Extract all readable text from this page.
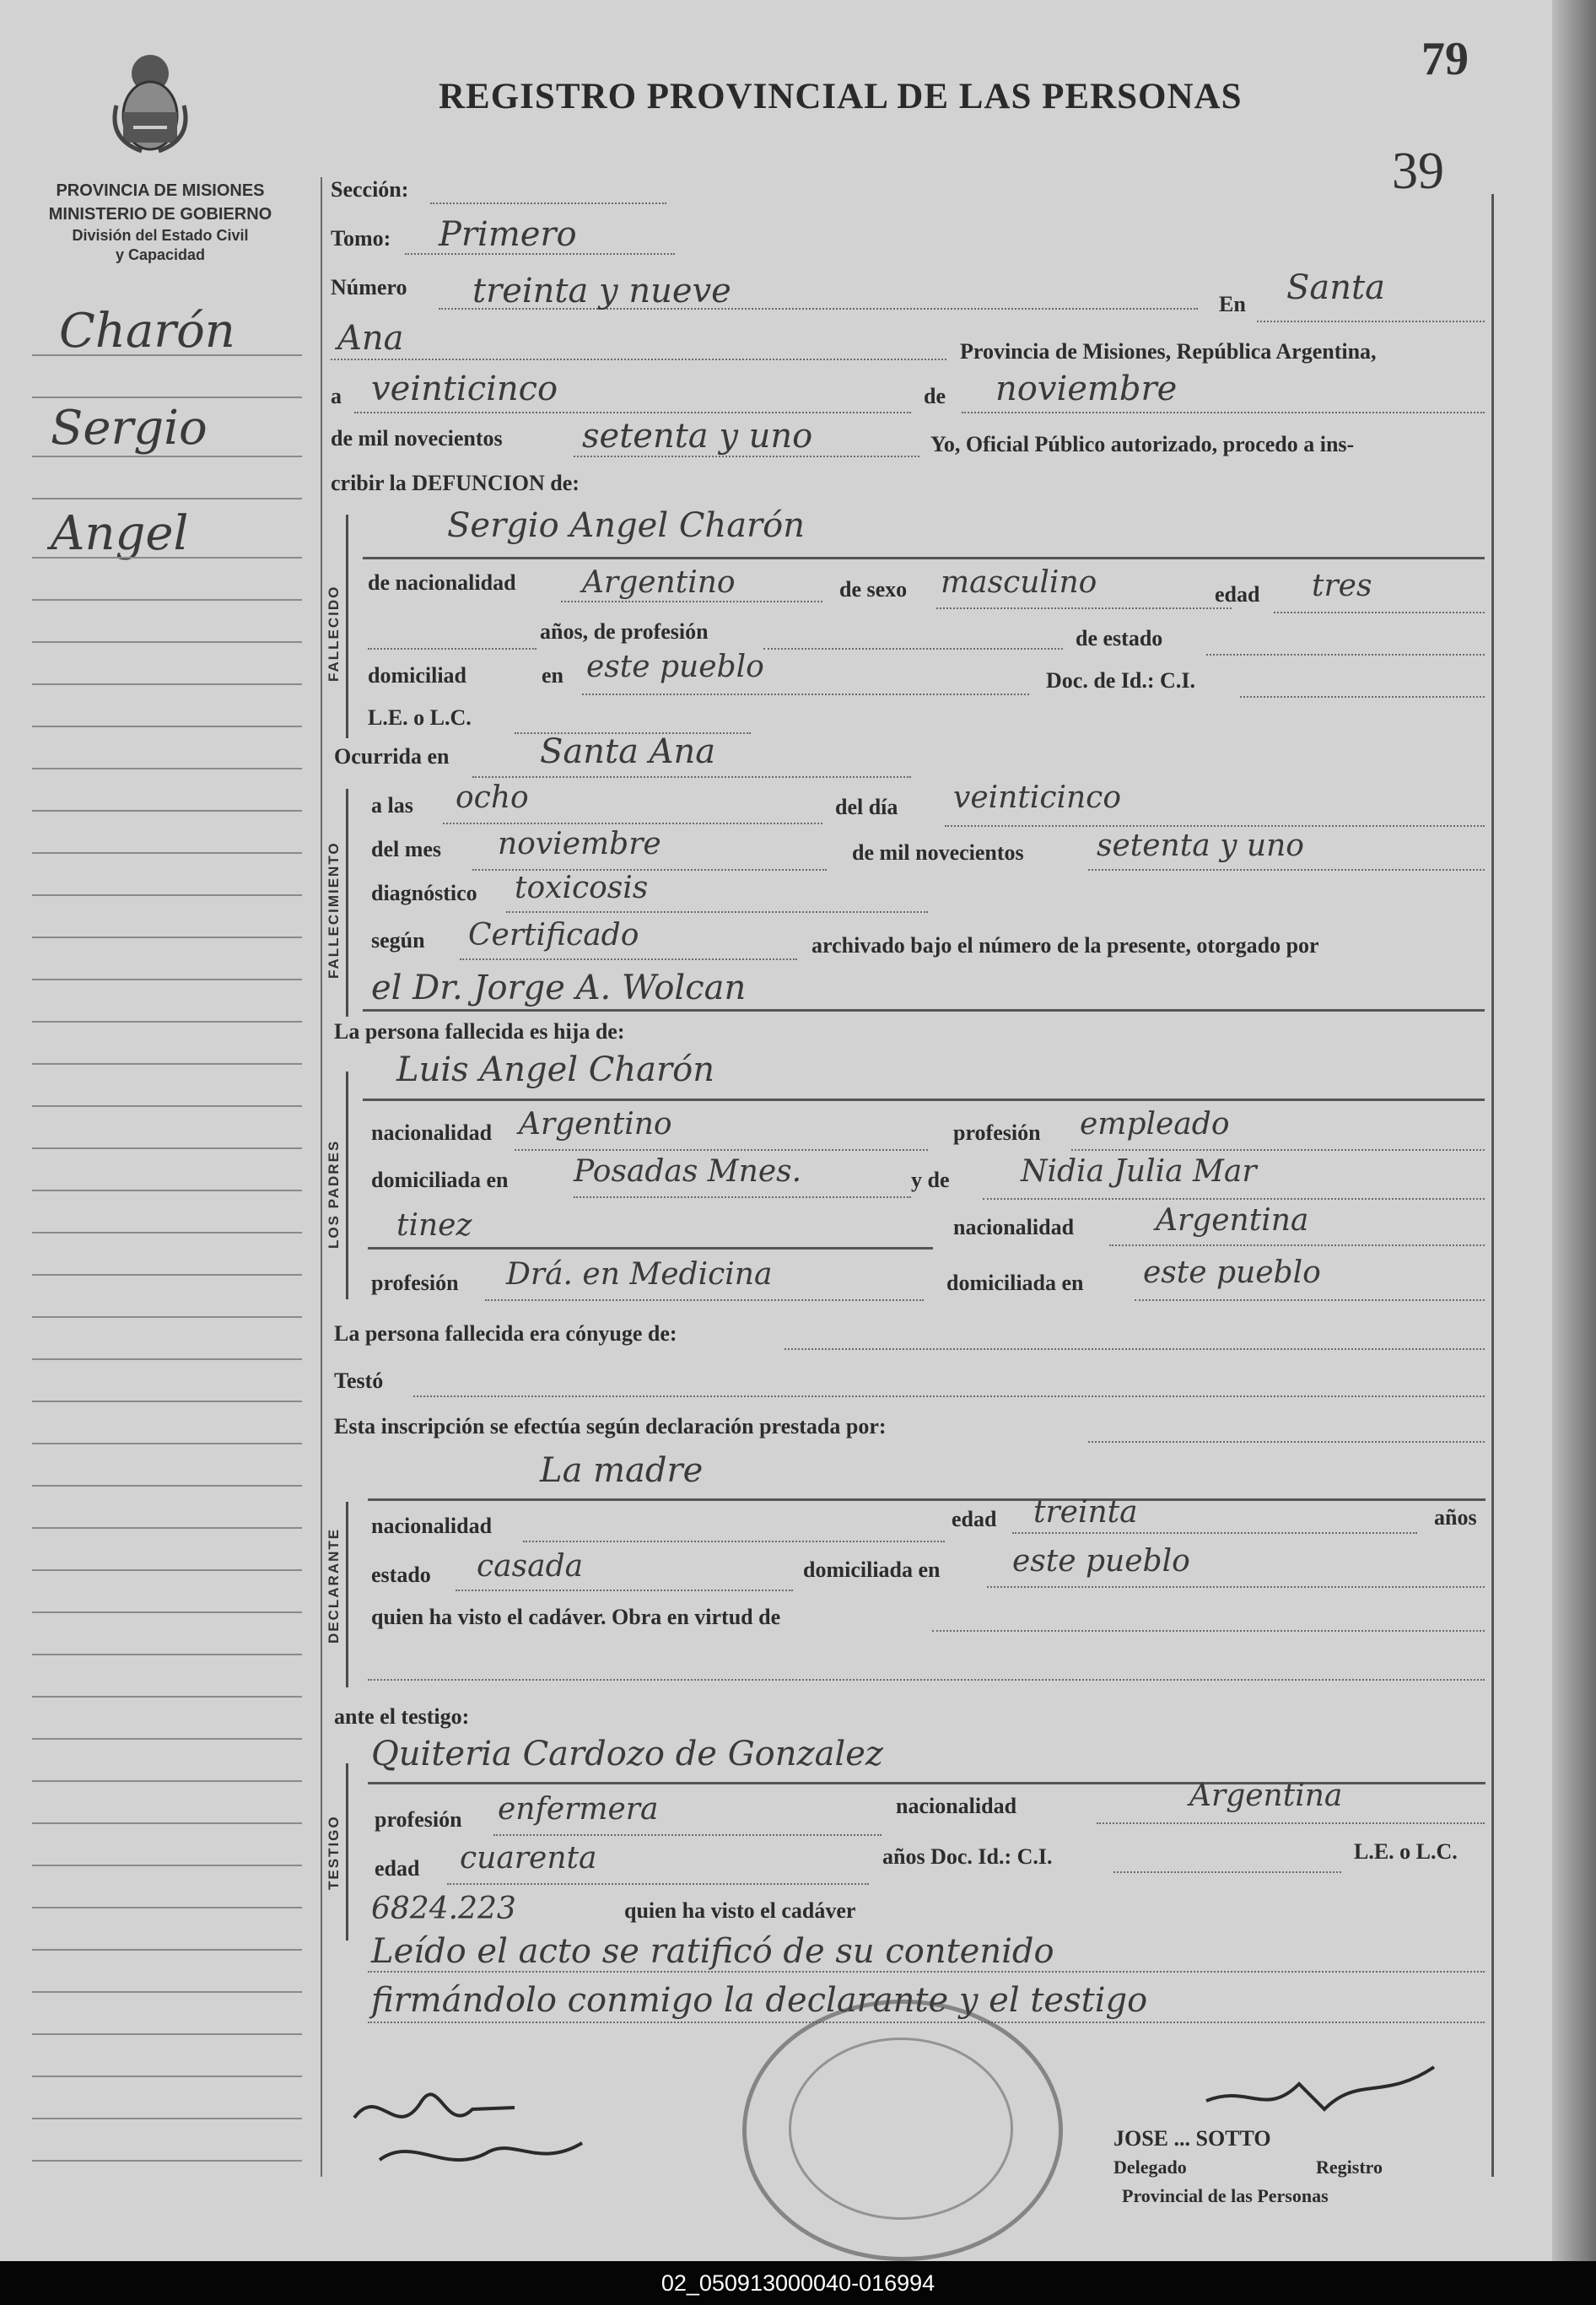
PROVINCIA DE MISIONES
MINISTERIO DE GOBIERNO
División del Estado Civil
y Capacidad
REGISTRO PROVINCIAL DE LAS PERSONAS
79
39
Charón
Sergio
Angel
Sección:
Tomo: Primero
Número treinta y nueve	En Santa
Ana	Provincia de Misiones, República Argentina,
a veinticinco	de noviembre
de mil novecientos setenta y uno	Yo, Oficial Público autorizado, procedo a ins-
cribir la DEFUNCION de:
FALLECIDO
Sergio Angel Charón
de nacionalidad Argentino	de sexo masculino	edad tres
años, de profesión	de estado
domiciliad	en este pueblo	Doc. de Id.: C.I.
L.E. o L.C.
Ocurrida en	Santa Ana
FALLECIMIENTO
a las ocho	del día veinticinco
del mes noviembre	de mil novecientos setenta y uno
diagnóstico toxicosis
según Certificado	archivado bajo el número de la presente, otorgado por
el Dr. Jorge A. Wolcan
La persona fallecida es hija de:
LOS PADRES
Luis Angel Charón
nacionalidad Argentino	profesión empleado
domiciliada en Posadas Mnes.	y de Nidia Julia Mar
tinez	nacionalidad	Argentina
profesión Drá. en Medicina	domiciliada en este pueblo
La persona fallecida era cónyuge de:
Testó
Esta inscripción se efectúa según declaración prestada por:
DECLARANTE
La madre
nacionalidad	edad treinta	años
estado casada	domiciliada en este pueblo
quien ha visto el cadáver. Obra en virtud de
ante el testigo:
TESTIGO
Quiteria Cardozo de Gonzalez
profesión enfermera	nacionalidad	Argentina
edad cuarenta	años Doc. Id.: C.I.	L.E. o L.C.
6824.223	quien ha visto el cadáver
Leído el acto se ratificó de su contenido
firmándolo conmigo la declarante y el testigo
JOSE ... SOTTO
Delegado	Registro
Provincial de las Personas
02_050913000040-016994
